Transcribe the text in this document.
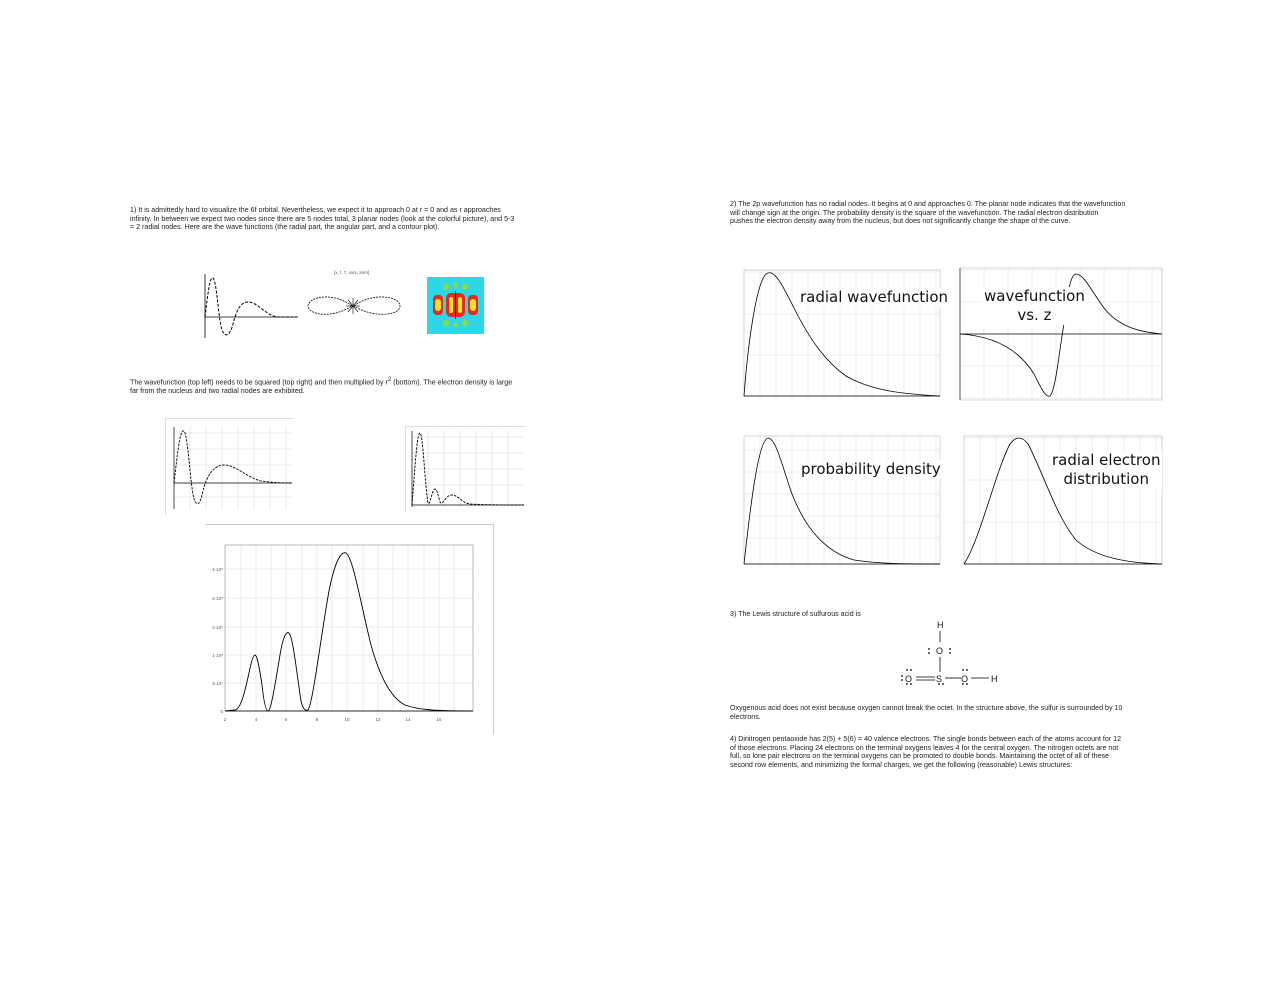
1) It is admittedly hard to visualize the 6f orbital. Nevertheless, we expect it to approach 0 at r = 0 and as r approaches
infinity. In between we expect two nodes since there are 5 nodes total, 3 planar nodes (look at the colorful picture), and 5-3
= 2 radial nodes. Here are the wave functions (the radial part, the angular part, and a contour plot).
[x, f, 7, xx/x, zero]
The wavefunction (top left) needs to be squared (top right) and then multiplied by $r^2$ (bottom). The electron density is large
far from the nucleus and two radial nodes are exhibited.
4·10⁸
3·10⁸
2·10⁸
1·10⁸
5·10⁷
0
2	4	6	8	10	12	14	16
2) The 2p wavefunction has no radial nodes. It begins at 0 and approaches 0. The planar node indicates that the wavefunction
will change sign at the origin. The probability density is the square of the wavefunction. The radial electron distribution
pushes the electron density away from the nucleus, but does not significantly change the shape of the curve.
radial wavefunction wavefunction
vs. z
probability density	radial electron
distribution
3) The Lewis structure of sulfurous acid is
H
O
O	S O	H
Oxygenous acid does not exist because oxygen cannot break the octet. In the structure above, the sulfur is surrounded by 10
electrons.
4) Dinitrogen pentaoxide has 2(5) + 5(6) = 40 valence electrons. The single bonds between each of the atoms account for 12
of those electrons. Placing 24 electrons on the terminal oxygens leaves 4 for the central oxygen. The nitrogen octets are not
full, so lone pair electrons on the terminal oxygens can be promoted to double bonds. Maintaining the octet of all of these
second row elements, and minimizing the formal charges, we get the following (reasonable) Lewis structures:
